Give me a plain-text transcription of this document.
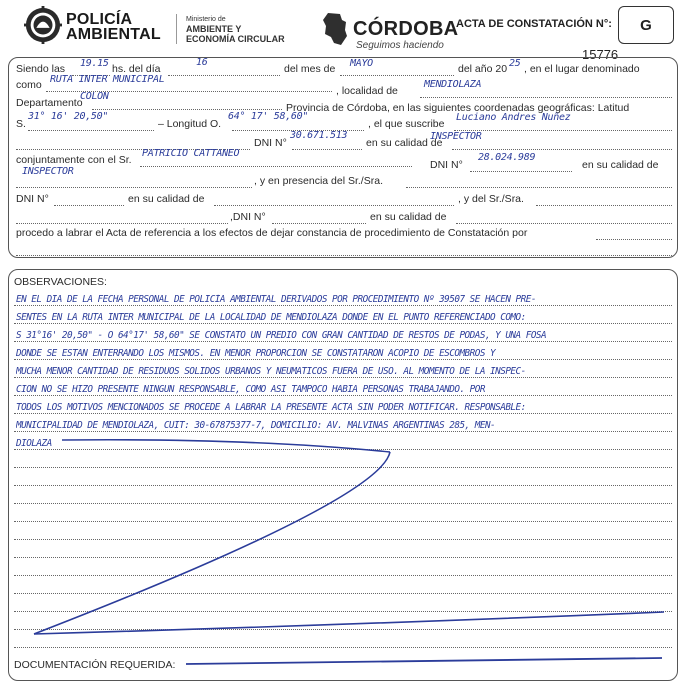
POLICÍA
AMBIENTAL
Ministerio de
AMBIENTE Y
ECONOMÍA CIRCULAR	CÓRDOBA
Seguimos haciendo
ACTA DE CONSTATACIÓN N°:	G
15776
Siendo las 19.15 hs. del día
16
del mes de MAYO	del año 20 25 , en el lugar denominado
como RUTA INTER MUNICIPAL
, localidad de
MENDIOLAZA
Departamento
COLON
Provincia de Córdoba, en las siguientes coordenadas geográficas: Latitud
S.
31° 16' 20,50"
– Longitud O.
64° 17' 58,60"
, el que suscribe
Luciano Andres Nuñez
DNI N°
30.671.513
en su calidad de
INSPECTOR
conjuntamente con el Sr.
PATRICIO CATTANEO
DNI N°
28.024.989
en su calidad de
INSPECTOR
, y en presencia del Sr./Sra.
DNI N°	en su calidad de	, y del Sr./Sra.
,DNI N°	en su calidad de
procedo a labrar el Acta de referencia a los efectos de dejar constancia de procedimiento de Constatación por
OBSERVACIONES:
EN EL DIA DE LA FECHA PERSONAL DE POLICÍA AMBIENTAL DERIVADOS POR PROCEDIMIENTO Nº 39507 SE HACEN PRE-
SENTES EN LA RUTA INTER MUNICIPAL DE LA LOCALIDAD DE MENDIOLAZA DONDE EN EL PUNTO REFERENCIADO COMO:
S 31°16' 20,50" - O 64°17' 58,60" SE CONSTATO UN PREDIO CON GRAN CANTIDAD DE RESTOS DE PODAS, Y UNA FOSA
DONDE SE ESTAN ENTERRANDO LOS MISMOS. EN MENOR PROPORCION SE CONSTATARON ACOPIO DE ESCOMBROS Y
MUCHA MENOR CANTIDAD DE RESIDUOS SOLIDOS URBANOS Y NEUMATICOS FUERA DE USO. AL MOMENTO DE LA INSPEC-
CION NO SE HIZO PRESENTE NINGUN RESPONSABLE, COMO ASI TAMPOCO HABIA PERSONAS TRABAJANDO. POR
TODOS LOS MOTIVOS MENCIONADOS SE PROCEDE A LABRAR LA PRESENTE ACTA SIN PODER NOTIFICAR. RESPONSABLE:
MUNICIPALIDAD DE MENDIOLAZA, CUIT: 30-67875377-7, DOMICILIO: AV. MALVINAS ARGENTINAS 285, MEN-
DIOLAZA
DOCUMENTACIÓN REQUERIDA:
